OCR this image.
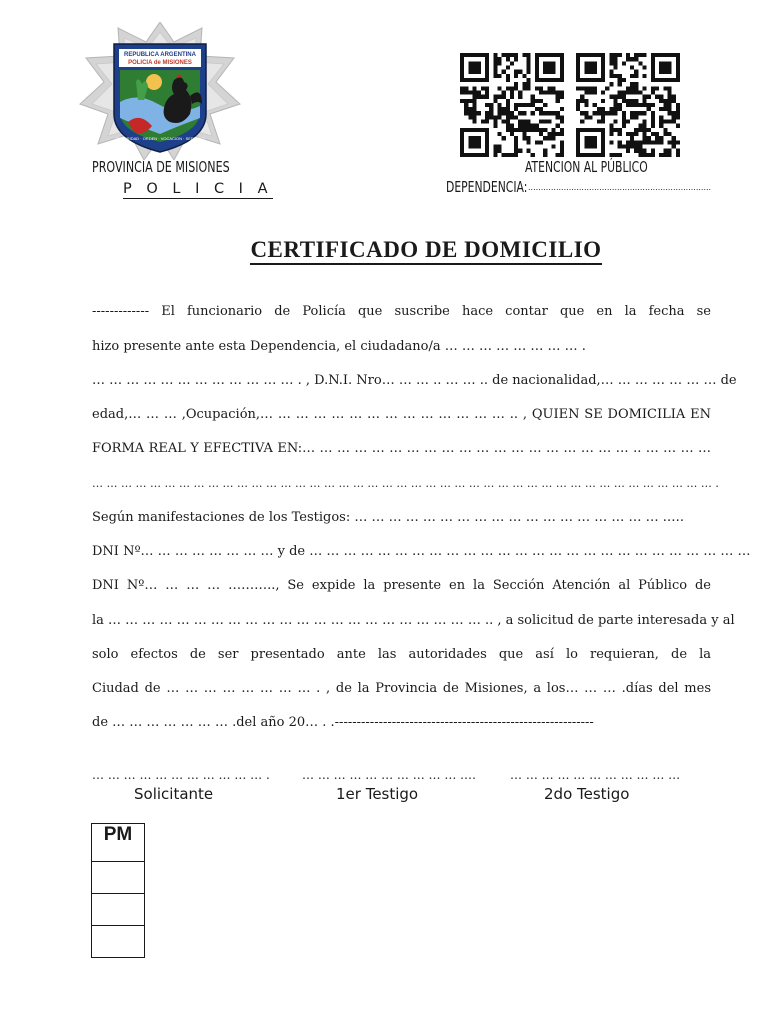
REPUBLICA ARGENTINA
POLICIA de MISIONES
SEGURIDAD · ORDEN · VOCACION · SERVICIO
PROVINCIA DE MISIONES
P O L I C I A
ATENCION AL PÚBLICO
DEPENDENCIA:........................................................................
CERTIFICADO DE DOMICILIO
------------- El funcionario de Policía que suscribe hace contar que en la fecha se
hizo presente ante esta Dependencia, el ciudadano/a … … … … … … … … .
… … … … … … … … … … … … . , D.N.I. Nro… … … .. … … .. de nacionalidad,… … … … … … … de
edad,… … … ,Ocupación,… … … … … … … … … … … … … … .. , QUIEN SE DOMICILIA EN
FORMA REAL Y EFECTIVA EN:… … … … … … … … … … … … … … … … … … … .. … … … …
… … … … … … … … … … … … … … … … … … … … … … … … … … … … … … … … … … … … … … … … … … … .
Según manifestaciones de los Testigos: … … … … … … … … … … … … … … … … … … .….
DNI Nº… … … … … … … … y de … … … … … … … … … … … … … … … … … … … … … … … … … …
DNI Nº… … … … ……….., Se expide la presente en la Sección Atención al Público de
la … … … … … … … … … … … … … … … … … … … … … … .. , a solicitud de parte interesada y al
solo efectos de ser presentado ante las autoridades que así lo requieran, de la
Ciudad de … … … … … … … … . , de la Provincia de Misiones, a los… … … .días del mes
de … … … … … … … .del año 20… . .-----------------------------------------------------------
… … … … … … … … … … … .	… … … … … … … … … … .…	… … … … … … … … … … …
Solicitante	1er Testigo	2do Testigo
PM
